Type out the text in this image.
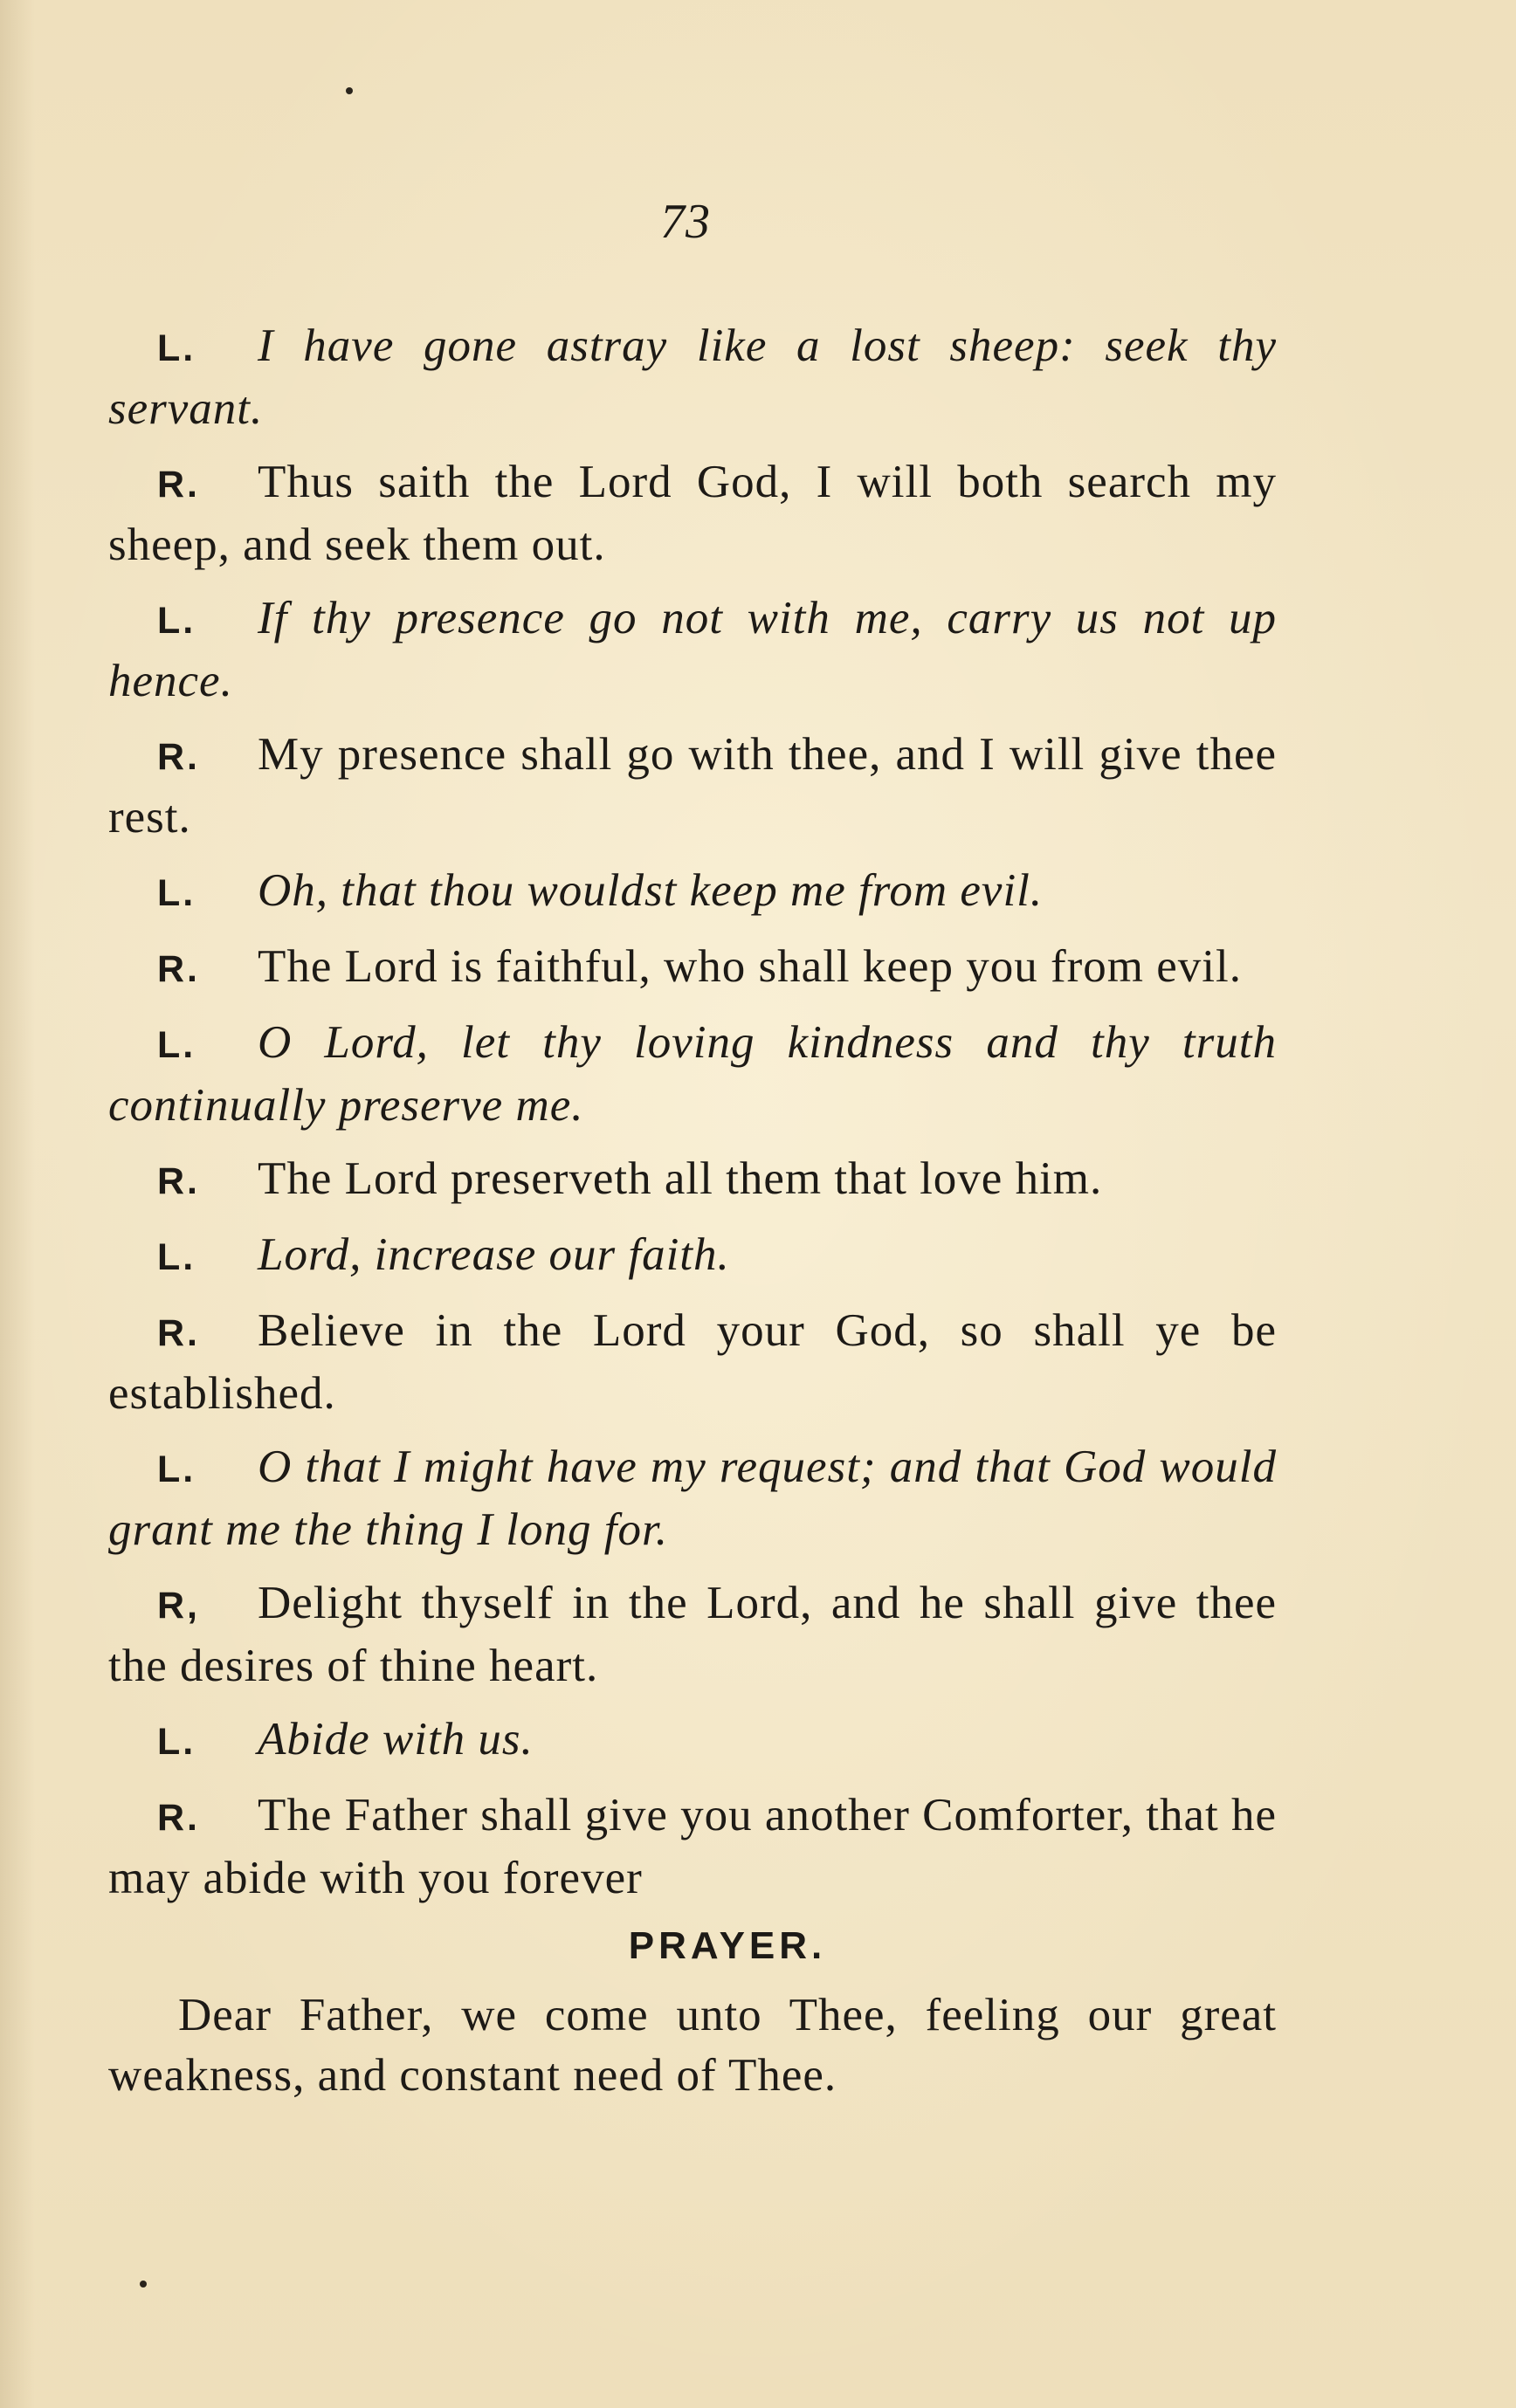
73

L. I have gone astray like a lost sheep: seek thy servant.

R. Thus saith the Lord God, I will both search my sheep, and seek them out.

L. If thy presence go not with me, carry us not up hence.

R. My presence shall go with thee, and I will give thee rest.

L. Oh, that thou wouldst keep me from evil.

R. The Lord is faithful, who shall keep you from evil.

L. O Lord, let thy loving kindness and thy truth continually preserve me.

R. The Lord preserveth all them that love him.

L. Lord, increase our faith.

R. Believe in the Lord your God, so shall ye be established.

L. O that I might have my request; and that God would grant me the thing I long for.

R, Delight thyself in the Lord, and he shall give thee the desires of thine heart.

L. Abide with us.

R. The Father shall give you another Comforter, that he may abide with you forever

PRAYER.

Dear Father, we come unto Thee, feeling our great weakness, and constant need of Thee.
